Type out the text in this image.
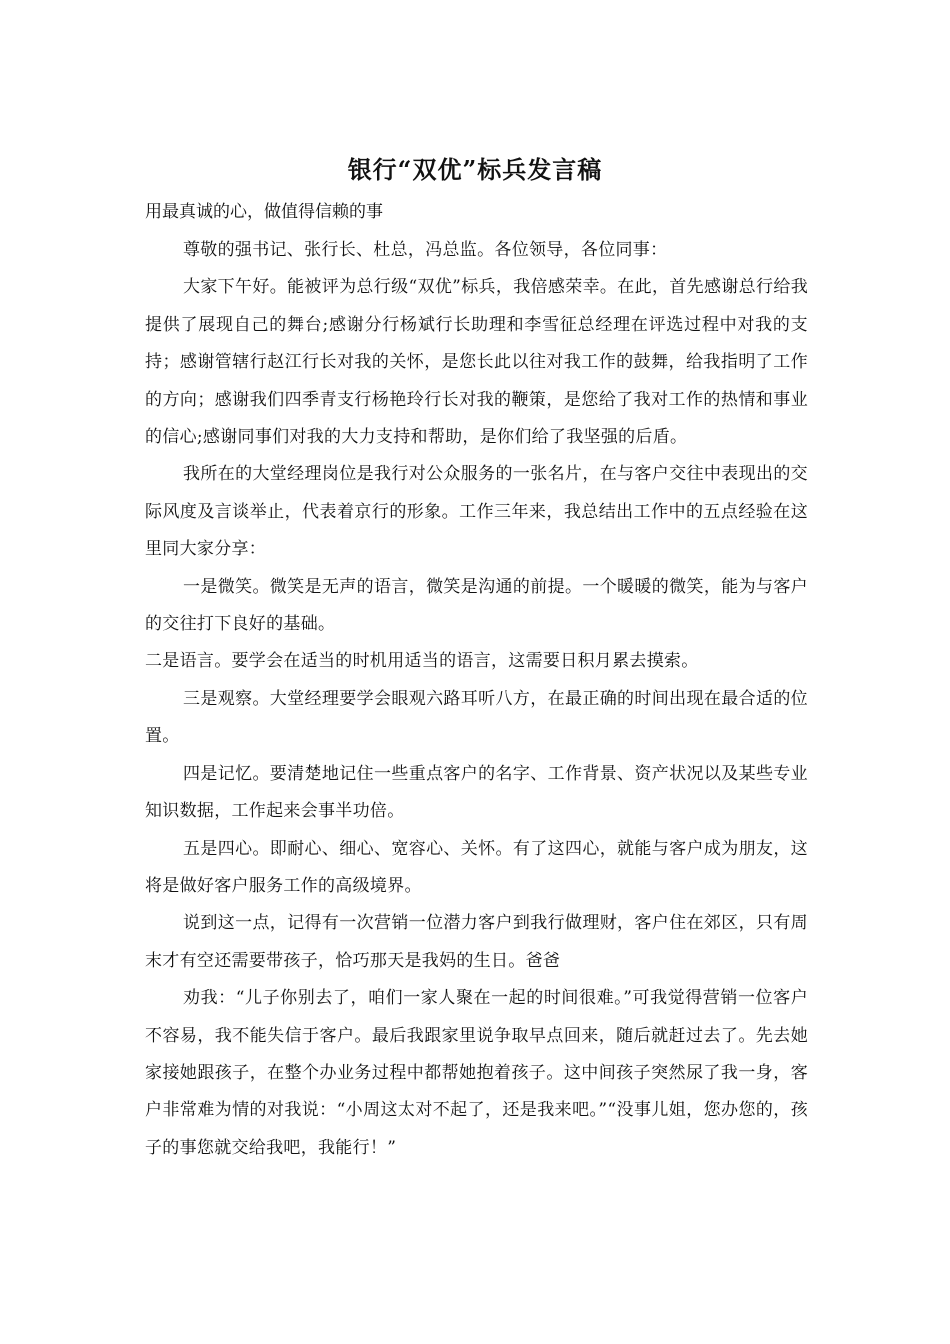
银行“双优”标兵发言稿
用最真诚的心，做值得信赖的事

尊敬的强书记、张行长、杜总，冯总监。各位领导，各位同事：

大家下午好。能被评为总行级“双优”标兵，我倍感荣幸。在此，首先感谢总行给我提供了展现自己的舞台;感谢分行杨斌行长助理和李雪征总经理在评选过程中对我的支持；感谢管辖行赵江行长对我的关怀，是您长此以往对我工作的鼓舞，给我指明了工作的方向；感谢我们四季青支行杨艳玲行长对我的鞭策，是您给了我对工作的热情和事业的信心;感谢同事们对我的大力支持和帮助，是你们给了我坚强的后盾。

我所在的大堂经理岗位是我行对公众服务的一张名片，在与客户交往中表现出的交际风度及言谈举止，代表着京行的形象。工作三年来，我总结出工作中的五点经验在这里同大家分享：

一是微笑。微笑是无声的语言，微笑是沟通的前提。一个暖暖的微笑，能为与客户的交往打下良好的基础。

二是语言。要学会在适当的时机用适当的语言，这需要日积月累去摸索。

三是观察。大堂经理要学会眼观六路耳听八方，在最正确的时间出现在最合适的位置。

四是记忆。要清楚地记住一些重点客户的名字、工作背景、资产状况以及某些专业知识数据，工作起来会事半功倍。

五是四心。即耐心、细心、宽容心、关怀。有了这四心，就能与客户成为朋友，这将是做好客户服务工作的高级境界。

说到这一点，记得有一次营销一位潜力客户到我行做理财，客户住在郊区，只有周末才有空还需要带孩子，恰巧那天是我妈的生日。爸爸

劝我：“儿子你别去了，咱们一家人聚在一起的时间很难。”可我觉得营销一位客户不容易，我不能失信于客户。最后我跟家里说争取早点回来，随后就赶过去了。先去她家接她跟孩子，在整个办业务过程中都帮她抱着孩子。这中间孩子突然尿了我一身，客户非常难为情的对我说：“小周这太对不起了，还是我来吧。”“没事儿姐，您办您的，孩子的事您就交给我吧，我能行！”
